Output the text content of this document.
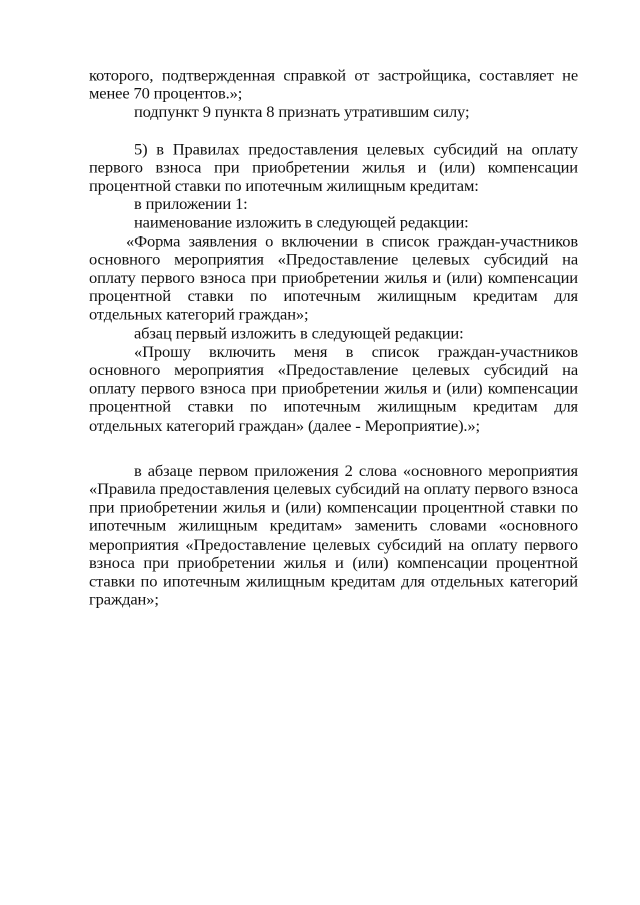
которого, подтвержденная справкой от застройщика, составляет не менее 70 процентов.»;

подпункт 9 пункта 8 признать утратившим силу;

5) в Правилах предоставления целевых субсидий на оплату первого взноса при приобретении жилья и (или) компенсации процентной ставки по ипотечным жилищным кредитам:

в приложении 1:

наименование изложить в следующей редакции:

«Форма заявления о включении в список граждан-участников основного мероприятия «Предоставление целевых субсидий на оплату первого взноса при приобретении жилья и (или) компенсации процентной ставки по ипотечным жилищным кредитам для отдельных категорий граждан»;

абзац первый изложить в следующей редакции:

«Прошу включить меня в список граждан-участников основного мероприятия «Предоставление целевых субсидий на оплату первого взноса при приобретении жилья и (или) компенсации процентной ставки по ипотечным жилищным кредитам для отдельных категорий граждан» (далее - Мероприятие).»;

в абзаце первом приложения 2 слова «основного мероприятия «Правила предоставления целевых субсидий на оплату первого взноса при приобретении жилья и (или) компенсации процентной ставки по ипотечным жилищным кредитам» заменить словами «основного мероприятия «Предоставление целевых субсидий на оплату первого взноса при приобретении жилья и (или) компенсации процентной ставки по ипотечным жилищным кредитам для отдельных категорий граждан»;
